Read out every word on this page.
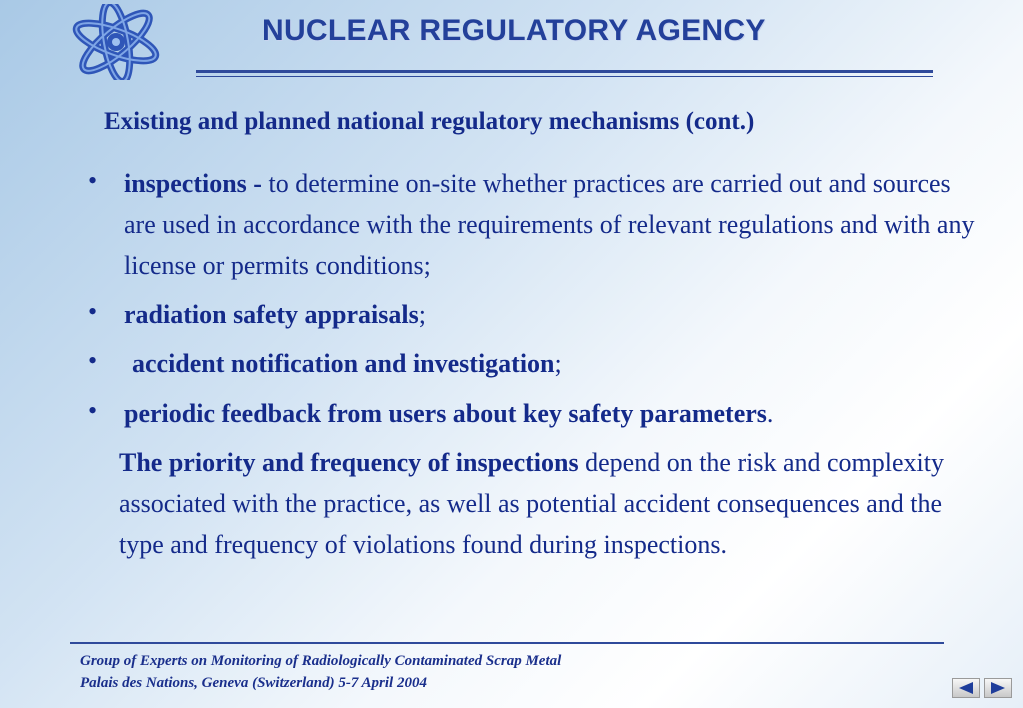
NUCLEAR REGULATORY AGENCY
Existing and planned national regulatory mechanisms (cont.)
• inspections - to determine on-site whether practices are carried out and sources are used in accordance with the requirements of relevant regulations and with any license or permits conditions;
• radiation safety appraisals;
• accident notification and investigation;
• periodic feedback from users about key safety parameters.
The priority and frequency of inspections depend on the risk and complexity associated with the practice, as well as potential accident consequences and the type and frequency of violations found during inspections.
Group of Experts on Monitoring of Radiologically Contaminated Scrap Metal
Palais des Nations, Geneva (Switzerland) 5-7 April 2004
